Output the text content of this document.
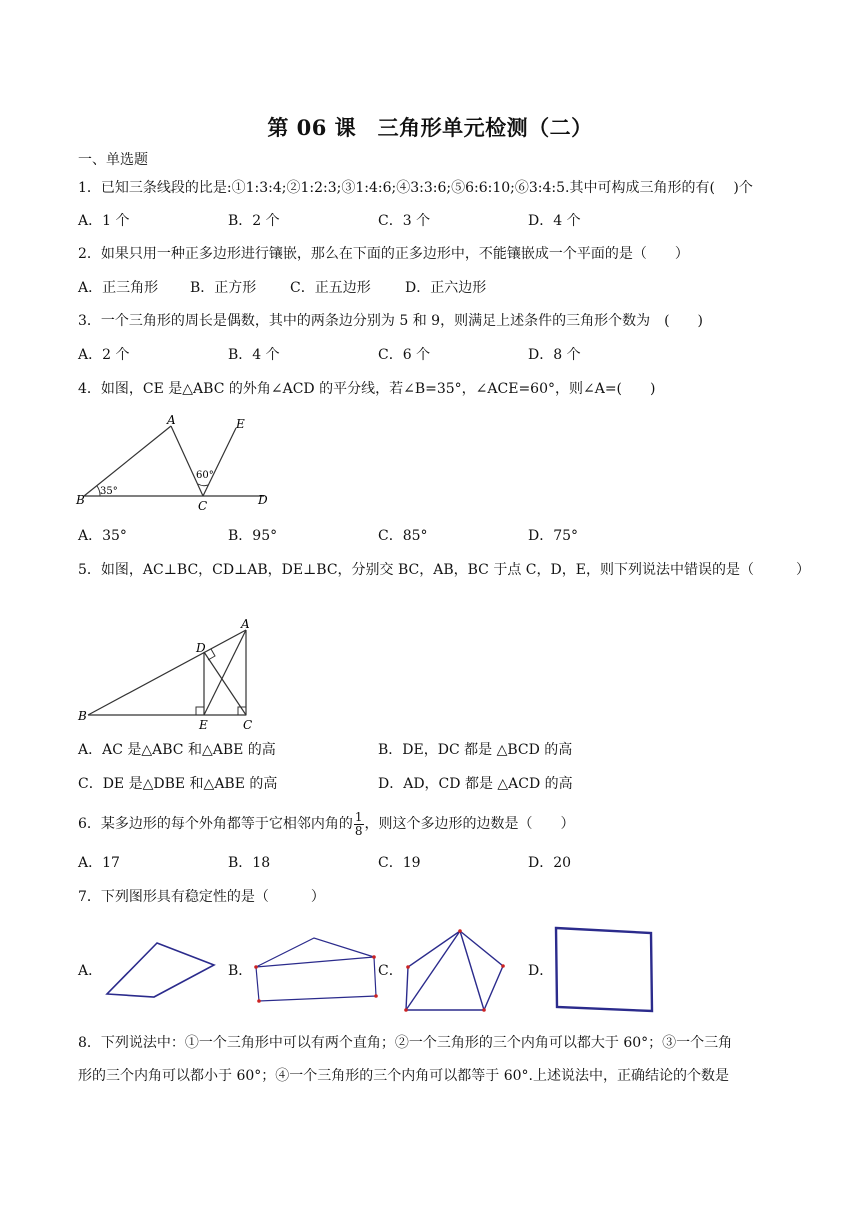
第 06 课　三角形单元检测（二）
一、单选题
1．已知三条线段的比是:①1:3:4;②1:2:3;③1:4:6;④3:3:6;⑤6:6:10;⑥3:4:5.其中可构成三角形的有(　 )个
A．1 个	B．2 个	C．3 个	D．4 个
2．如果只用一种正多边形进行镶嵌，那么在下面的正多边形中，不能镶嵌成一个平面的是（　　）
A．正三角形 B．正方形 C．正五边形 D．正六边形
3．一个三角形的周长是偶数，其中的两条边分别为 5 和 9，则满足上述条件的三角形个数为　(　　)
A．2 个	B．4 个	C．6 个	D．8 个
4．如图，CE 是△ABC 的外角∠ACD 的平分线，若∠B=35°，∠ACE=60°，则∠A=(　　)
A
B	C	D
E
35°
60°
A．35°	B．95°	C．85°	D．75°
5．如图，AC⊥BC，CD⊥AB，DE⊥BC，分别交 BC，AB，BC 于点 C，D，E，则下列说法中错误的是（　　　）
A
B
C
D
E
A．AC 是△ABC 和△ABE 的高	B．DE，DC 都是 △BCD 的高
C．DE 是△DBE 和△ABE 的高	D．AD，CD 都是 △ACD 的高
6．某多边形的每个外角都等于它相邻内角的 $\frac{1}{8}$ ，则这个多边形的边数是（　　）
A．17	B．18	C．19	D．20
7．下列图形具有稳定性的是（　　　）
A．	B．	C．	D．
8．下列说法中：①一个三角形中可以有两个直角；②一个三角形的三个内角可以都大于 60°；③一个三角
形的三个内角可以都小于 60°；④一个三角形的三个内角可以都等于 60°.上述说法中，正确结论的个数是
